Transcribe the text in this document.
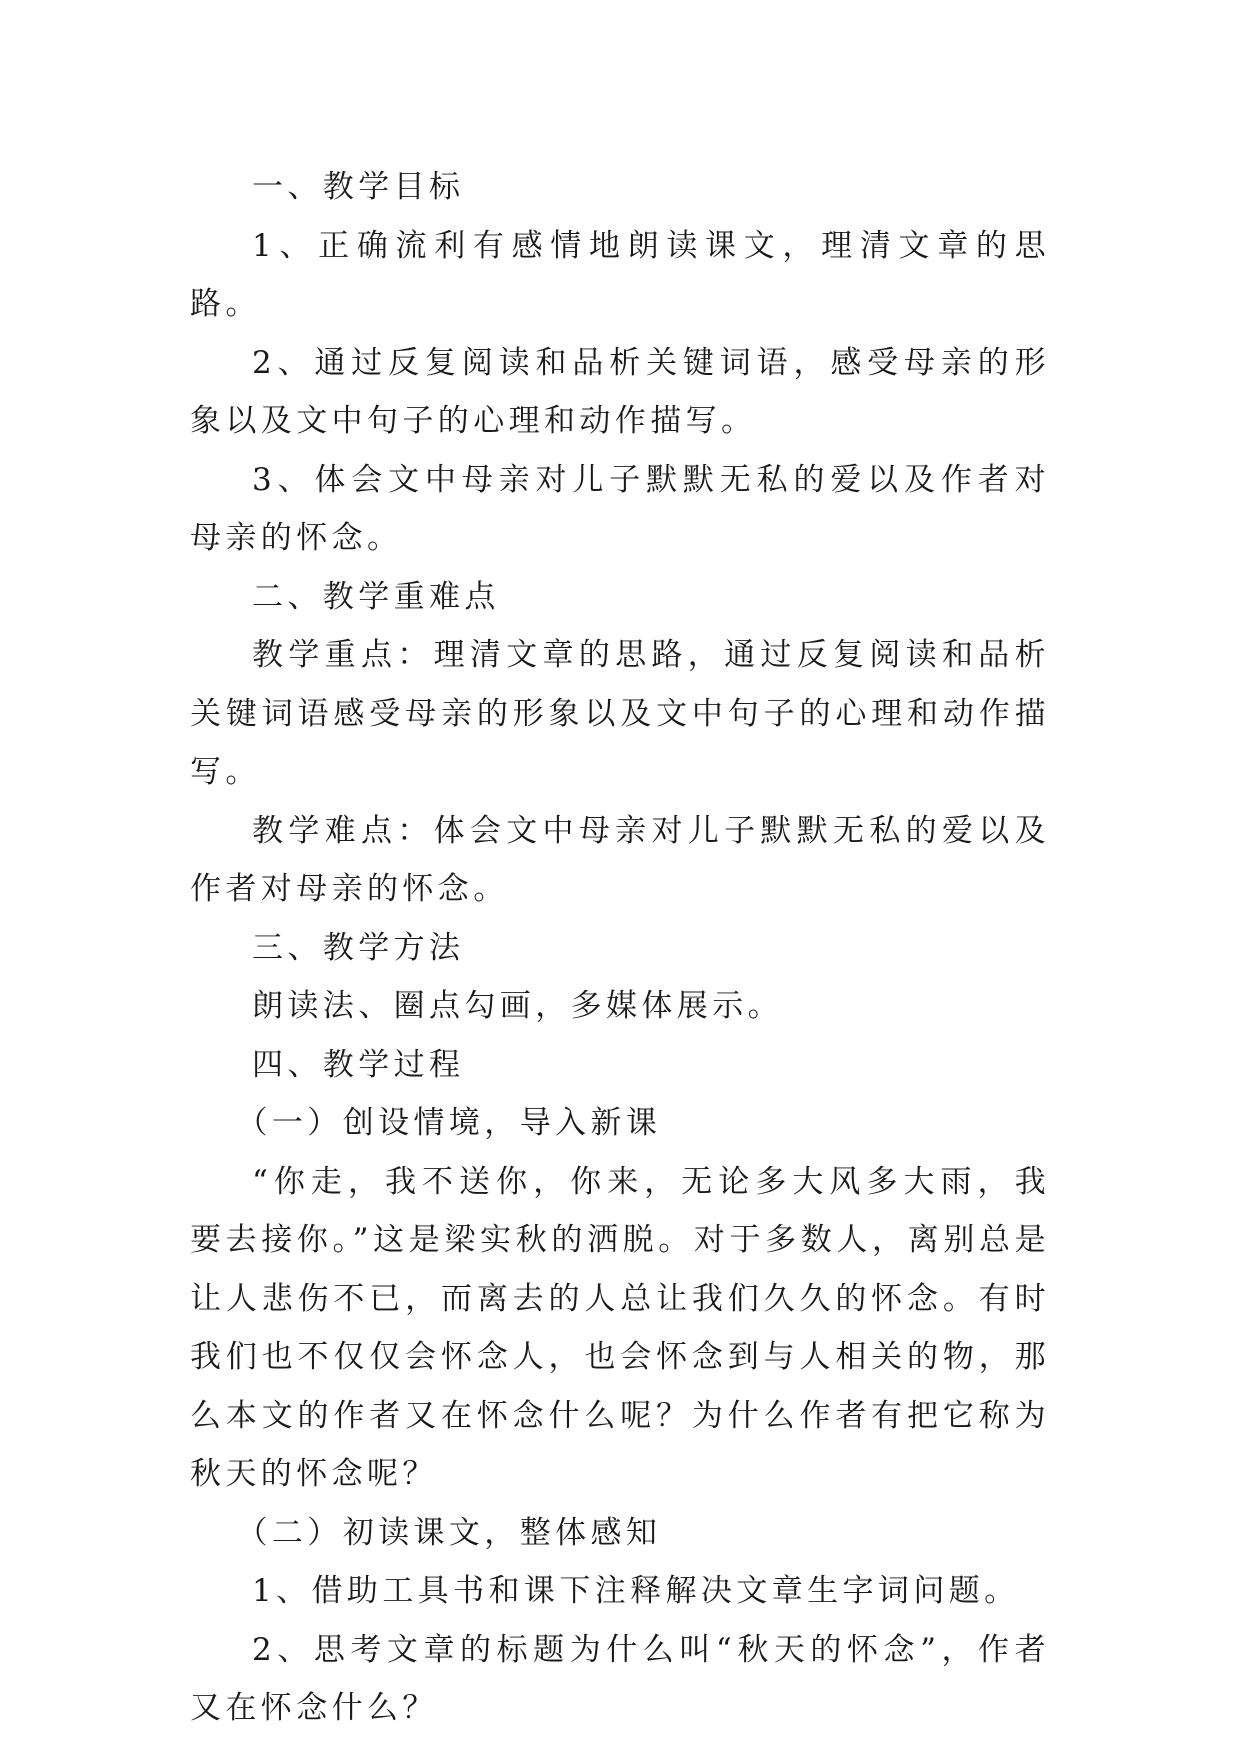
一、教学目标

1、正确流利有感情地朗读课文，理清文章的思路。

2、通过反复阅读和品析关键词语，感受母亲的形象以及文中句子的心理和动作描写。

3、体会文中母亲对儿子默默无私的爱以及作者对母亲的怀念。

二、教学重难点

教学重点：理清文章的思路，通过反复阅读和品析关键词语感受母亲的形象以及文中句子的心理和动作描写。

教学难点：体会文中母亲对儿子默默无私的爱以及作者对母亲的怀念。

三、教学方法

朗读法、圈点勾画，多媒体展示。

四、教学过程

（一）创设情境，导入新课

“你走，我不送你，你来，无论多大风多大雨，我要去接你。”这是梁实秋的洒脱。对于多数人，离别总是让人悲伤不已，而离去的人总让我们久久的怀念。有时我们也不仅仅会怀念人，也会怀念到与人相关的物，那么本文的作者又在怀念什么呢？为什么作者有把它称为秋天的怀念呢？

（二）初读课文，整体感知

1、借助工具书和课下注释解决文章生字词问题。

2、思考文章的标题为什么叫“秋天的怀念”，作者又在怀念什么？
